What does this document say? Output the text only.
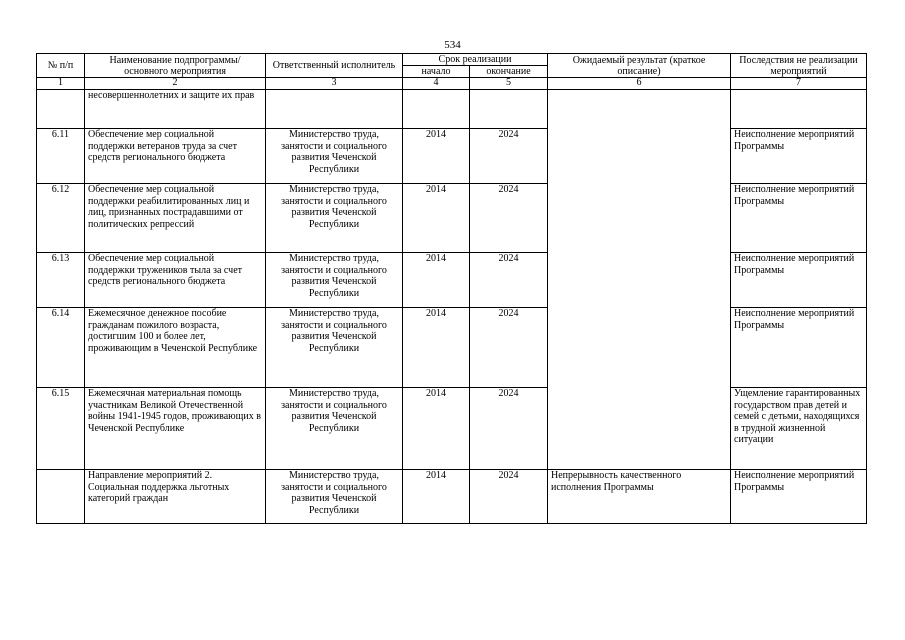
534
№ п/п	Наименование подпрограммы/ основного мероприятия	Ответственный исполнитель	Срок реализации		Ожидаемый результат (краткое описание)	Последствия не реализации мероприятий
			начало	окончание		
1	2	3	4	5	6	7
	несовершеннолетних и защите их прав					
6.11	Обеспечение мер социальной поддержки ветеранов труда за счет средств регионального бюджета	Министерство труда, занятости и социального развития Чеченской Республики	2014	2024		Неисполнение мероприятий Программы
6.12	Обеспечение мер социальной поддержки реабилитированных лиц и лиц, признанных пострадавшими от политических репрессий	Министерство труда, занятости и социального развития Чеченской Республики	2014	2024		Неисполнение мероприятий Программы
6.13	Обеспечение мер социальной поддержки тружеников тыла за счет средств регионального бюджета	Министерство труда, занятости и социального развития Чеченской Республики	2014	2024		Неисполнение мероприятий Программы
6.14	Ежемесячное денежное пособие гражданам пожилого возраста, достигшим 100 и более лет, проживающим в Чеченской Республике	Министерство труда, занятости и социального развития Чеченской Республики	2014	2024		Неисполнение мероприятий Программы
6.15	Ежемесячная материальная помощь участникам Великой Отечественной войны 1941-1945 годов, проживающих в Чеченской Республике	Министерство труда, занятости и социального развития Чеченской Республики	2014	2024		Ущемление гарантированных государством прав детей и семей с детьми, находящихся в трудной жизненной ситуации
	Направление мероприятий 2. Социальная поддержка льготных категорий граждан	Министерство труда, занятости и социального развития Чеченской Республики	2014	2024	Непрерывность качественного исполнения Программы	Неисполнение мероприятий Программы
